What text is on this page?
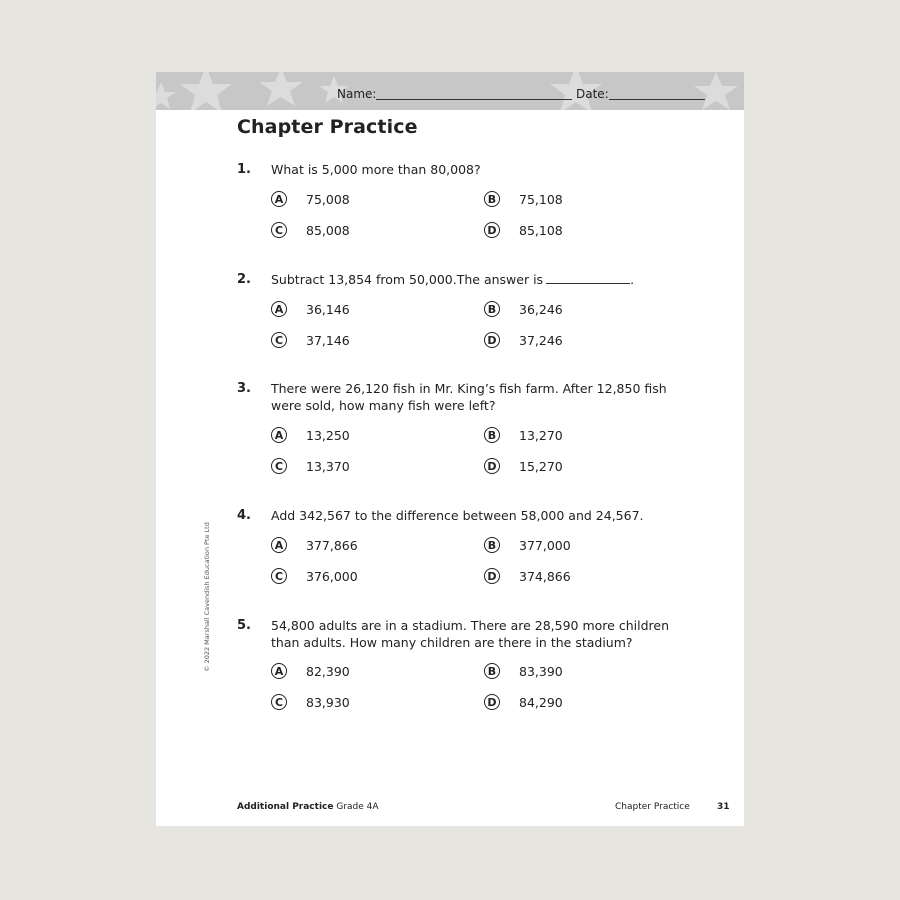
Name:	Date:
Chapter Practice
1. What is 5,000 more than 80,008?
A	75,008	B	75,108
C	85,008	D 85,108
2. Subtract 13,854 from 50,000.The answer is	.
A	36,146	B	36,246
C	37,146	D 37,246
3. There were 26,120 fish in Mr. King’s fish farm. After 12,850 fish were sold, how many fish were left?
A	13,250	B	13,270
C	13,370	D 15,270
4. Add 342,567 to the difference between 58,000 and 24,567.
A	377,866	B	377,000
C	376,000	D 374,866
5. 54,800 adults are in a stadium. There are 28,590 more children than adults. How many children are there in the stadium?
A	82,390	B	83,390
C	83,930	D 84,290
Additional Practice Grade 4A	Chapter Practice	31
© 2022 Marshall Cavendish Education Pte Ltd
